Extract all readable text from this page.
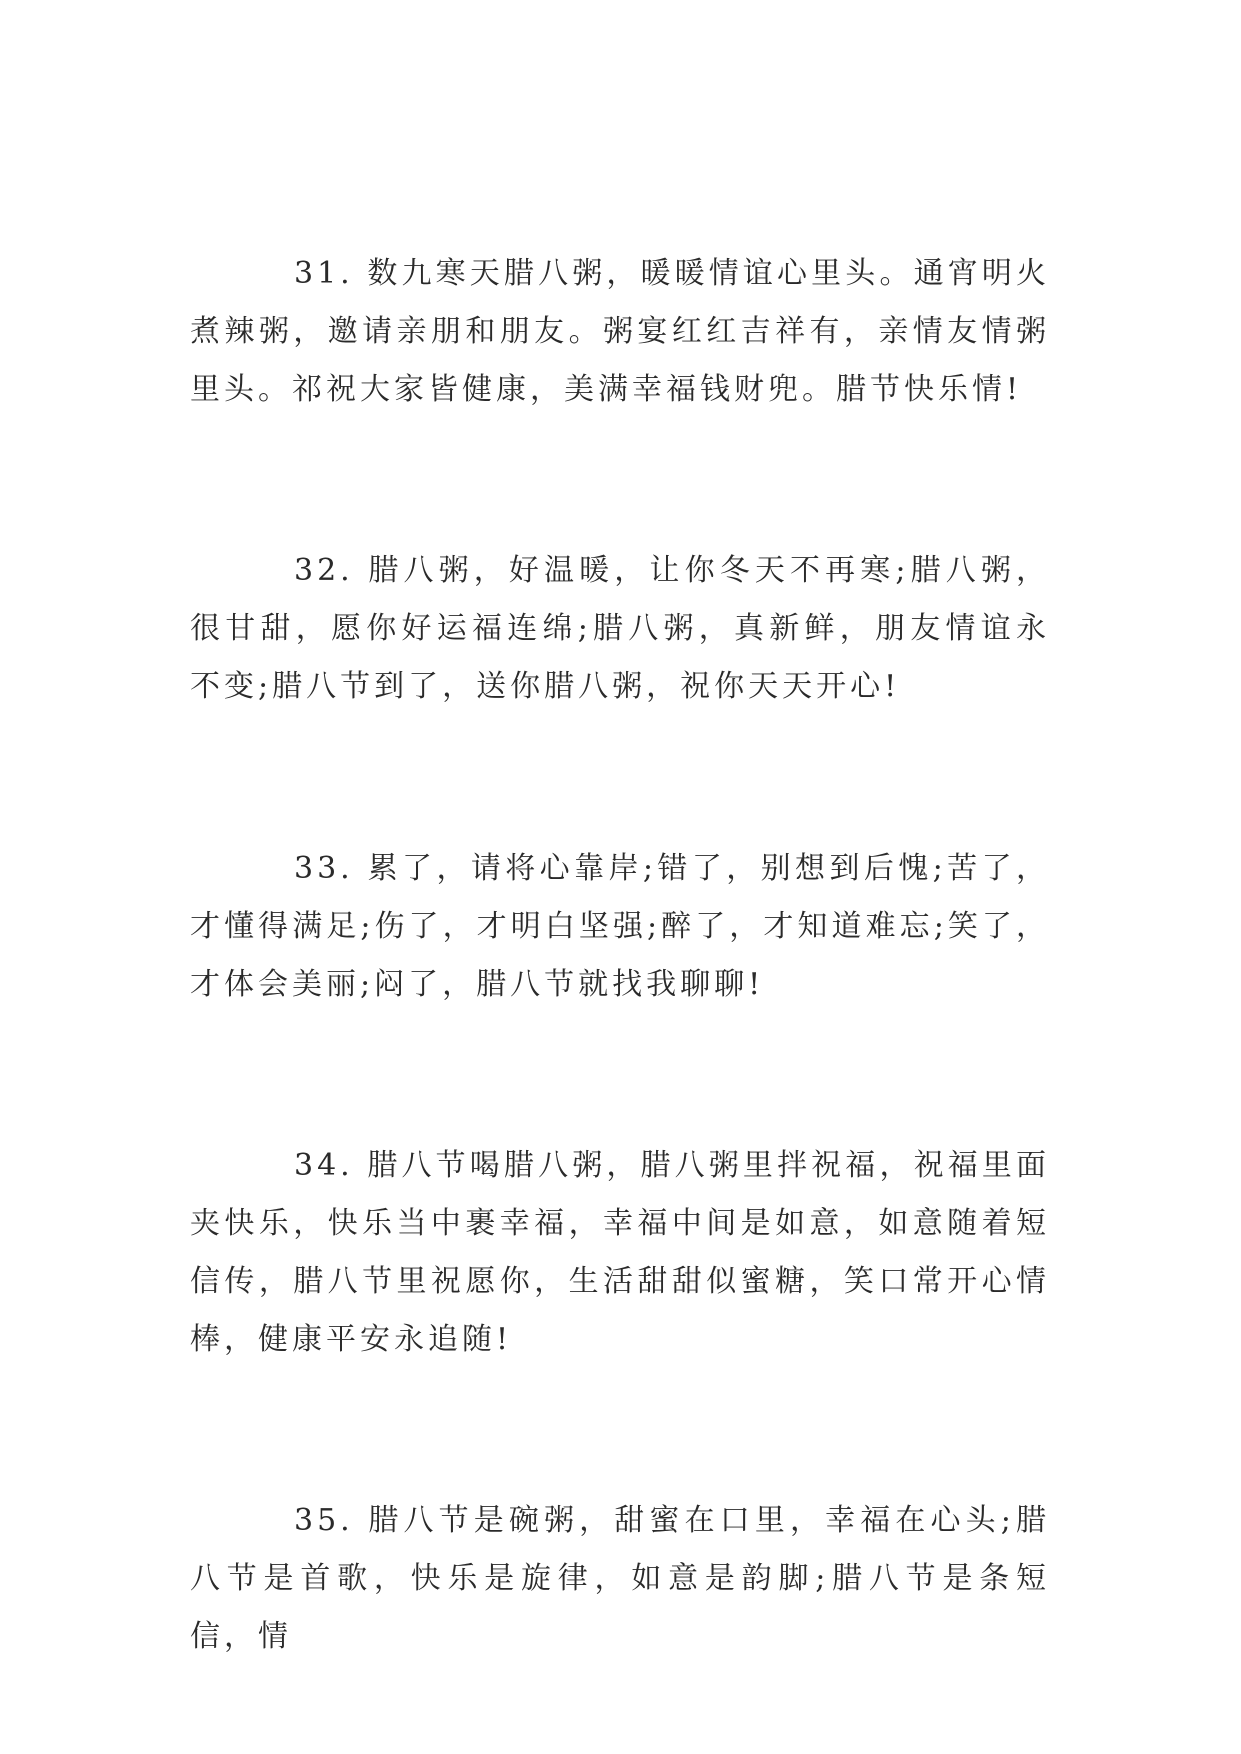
31. 数九寒天腊八粥，暖暖情谊心里头。通宵明火煮辣粥，邀请亲朋和朋友。粥宴红红吉祥有，亲情友情粥里头。祁祝大家皆健康，美满幸福钱财兜。腊节快乐情!

32. 腊八粥，好温暖，让你冬天不再寒;腊八粥，很甘甜，愿你好运福连绵;腊八粥，真新鲜，朋友情谊永不变;腊八节到了，送你腊八粥，祝你天天开心!

33. 累了，请将心靠岸;错了，别想到后愧;苦了，才懂得满足;伤了，才明白坚强;醉了，才知道难忘;笑了，才体会美丽;闷了，腊八节就找我聊聊!

34. 腊八节喝腊八粥，腊八粥里拌祝福，祝福里面夹快乐，快乐当中裹幸福，幸福中间是如意，如意随着短信传，腊八节里祝愿你，生活甜甜似蜜糖，笑口常开心情棒，健康平安永追随!

35. 腊八节是碗粥，甜蜜在口里，幸福在心头;腊八节是首歌，快乐是旋律，如意是韵脚;腊八节是条短信，情
